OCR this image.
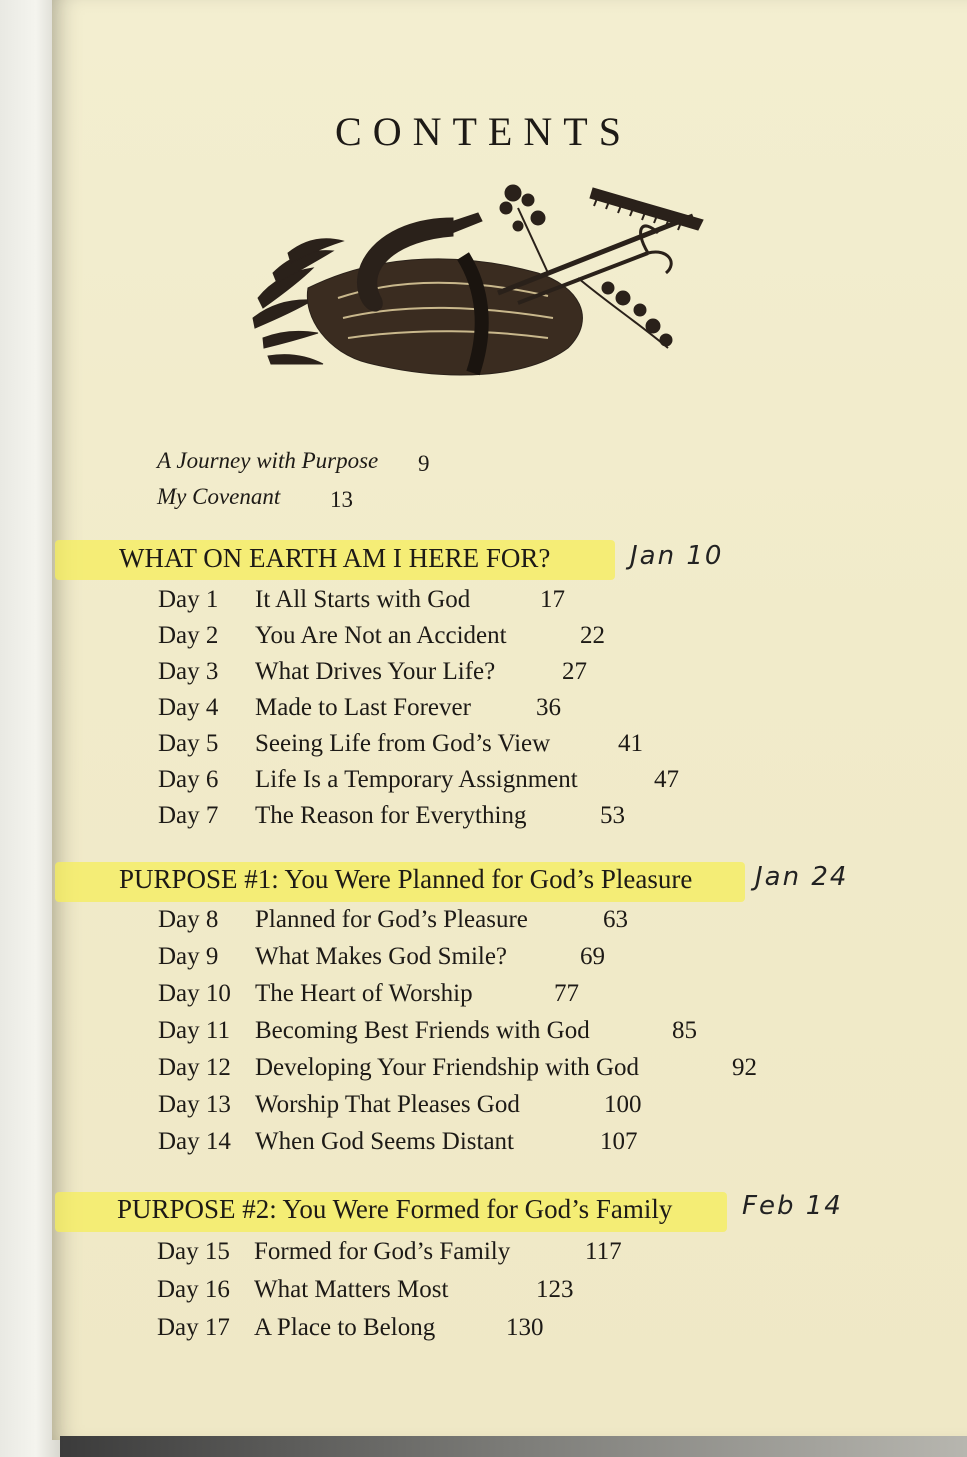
CONTENTS
A Journey with Purpose 9
My Covenant 13
WHAT ON EARTH AM I HERE FOR?	Jan 10
Day 1 It All Starts with God	17
Day 2 You Are Not an Accident	22
Day 3 What Drives Your Life?	27
Day 4 Made to Last Forever	36
Day 5 Seeing Life from God’s View	41
Day 6 Life Is a Temporary Assignment	47
Day 7 The Reason for Everything	53
PURPOSE #1: You Were Planned for God’s Pleasure Jan 24
Day 8 Planned for God’s Pleasure	63
Day 9 What Makes God Smile?	69
Day 10 The Heart of Worship	77
Day 11 Becoming Best Friends with God	85
Day 12 Developing Your Friendship with God	92
Day 13 Worship That Pleases God	100
Day 14 When God Seems Distant	107
PURPOSE #2: You Were Formed for God’s Family	Feb 14
Day 15 Formed for God’s Family	117
Day 16 What Matters Most	123
Day 17 A Place to Belong	130
